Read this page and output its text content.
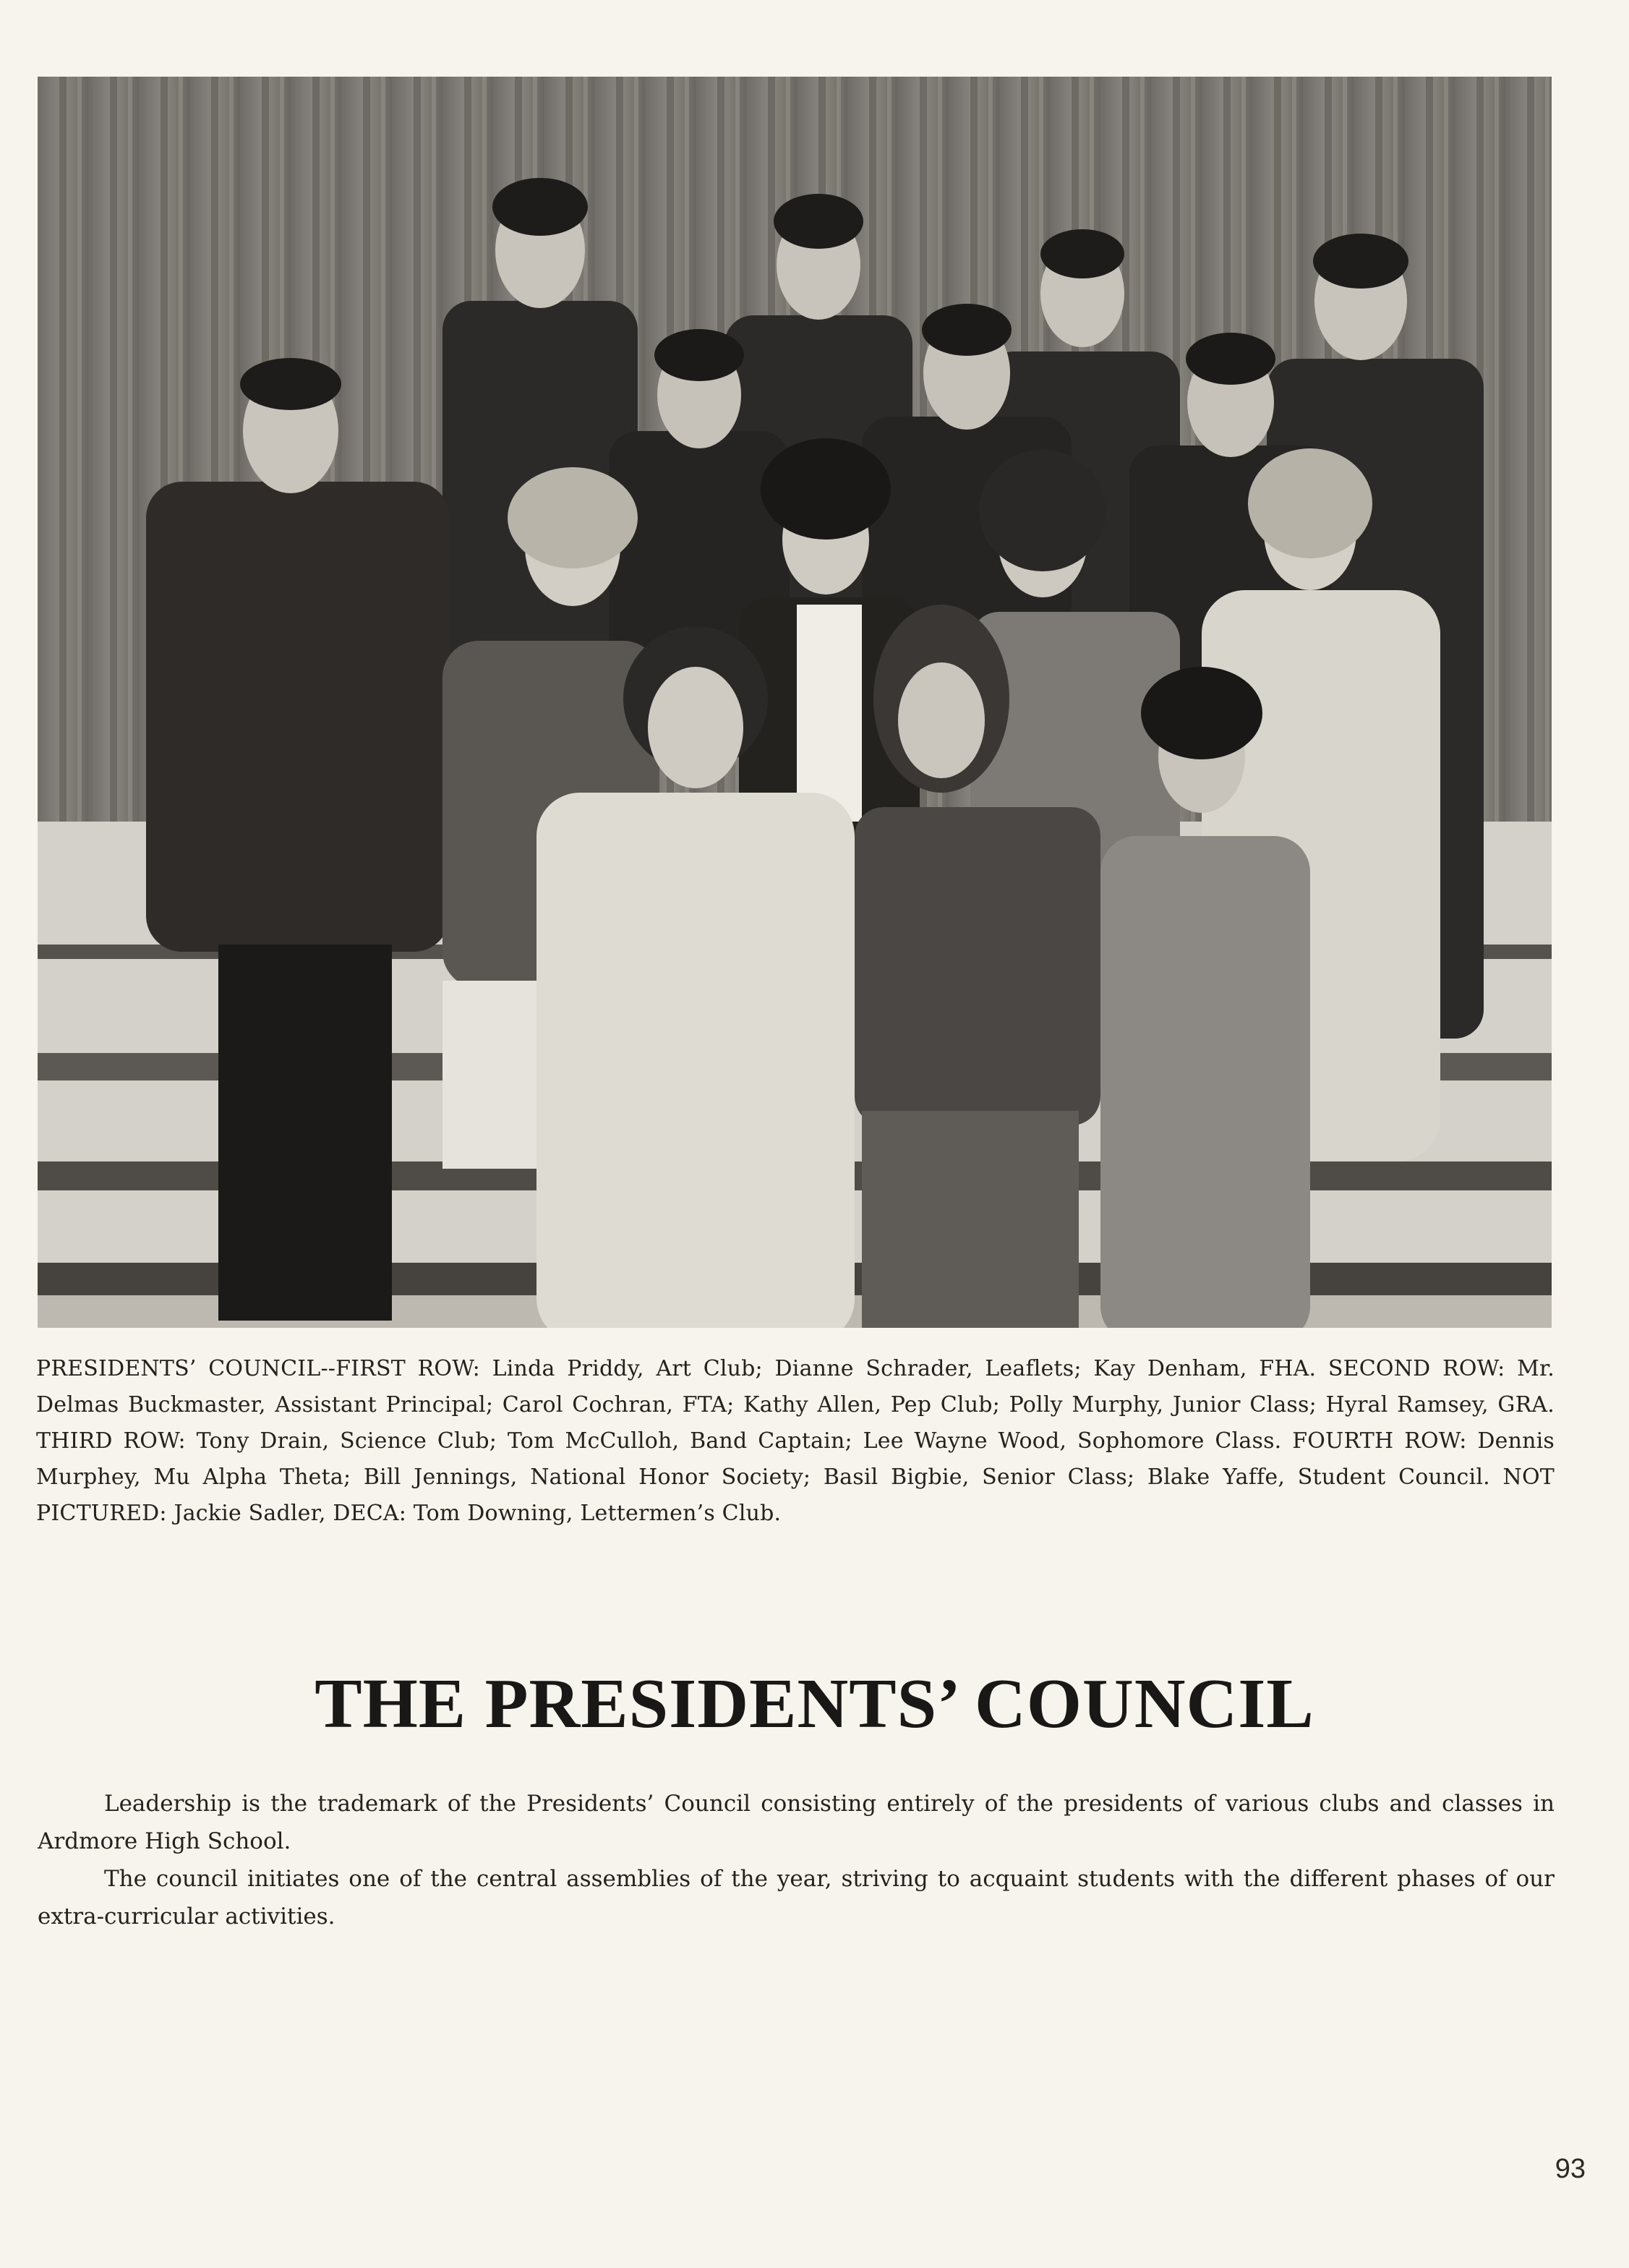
PRESIDENTS’ COUNCIL--FIRST ROW: Linda Priddy, Art Club; Dianne Schrader, Leaflets; Kay Denham, FHA. SECOND ROW: Mr. Delmas Buckmaster, Assistant Principal; Carol Cochran, FTA; Kathy Allen, Pep Club; Polly Murphy, Junior Class; Hyral Ramsey, GRA. THIRD ROW: Tony Drain, Science Club; Tom McCulloh, Band Captain; Lee Wayne Wood, Sophomore Class. FOURTH ROW: Dennis Murphey, Mu Alpha Theta; Bill Jennings, National Honor Society; Basil Bigbie, Senior Class; Blake Yaffe, Student Council. NOT PICTURED: Jackie Sadler, DECA: Tom Downing, Lettermen’s Club.
THE PRESIDENTS’ COUNCIL

Leadership is the trademark of the Presidents’ Council consisting entirely of the presidents of various clubs and classes in Ardmore High School.

The council initiates one of the central assemblies of the year, striving to acquaint students with the different phases of our extra-curricular activities.

93
